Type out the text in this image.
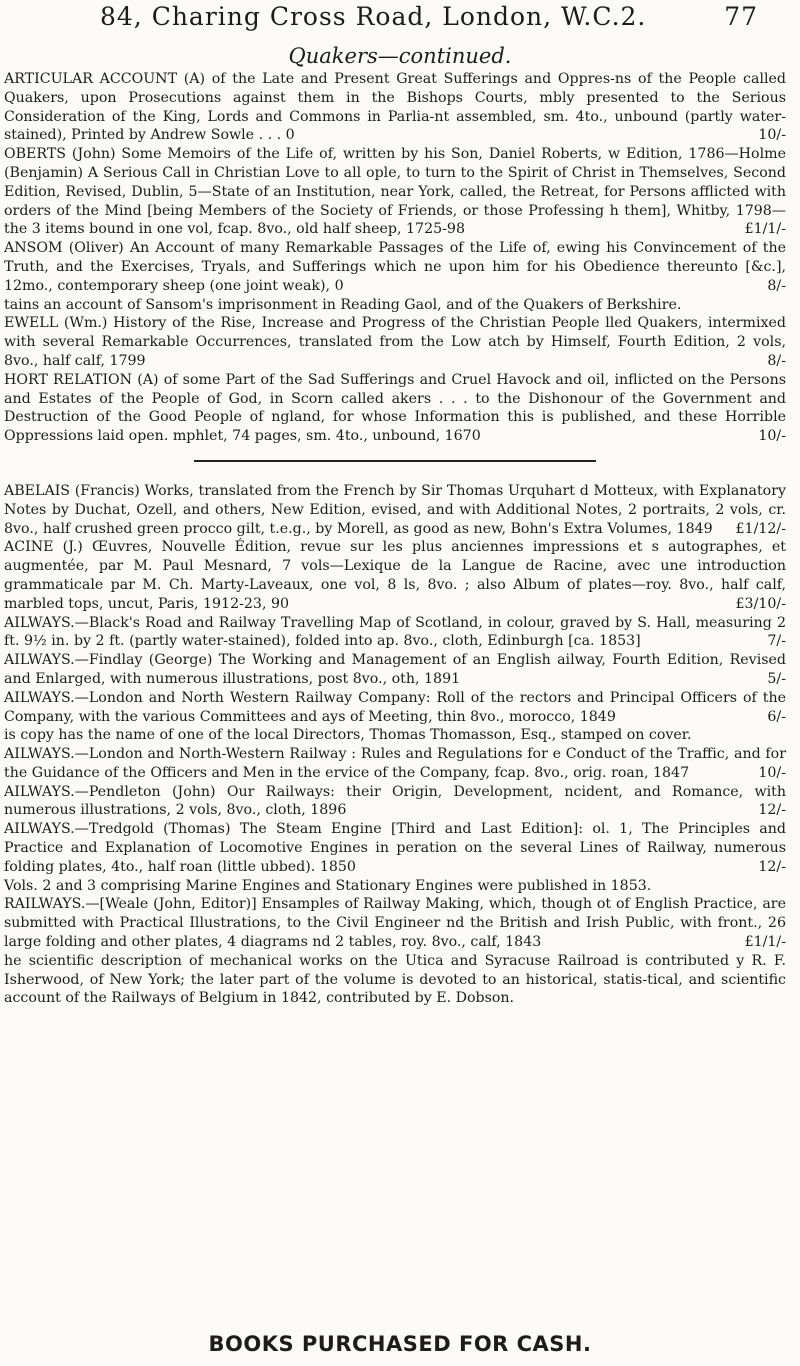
84, Charing Cross Road, London, W.C.2.	77
Quakers—continued.
ARTICULAR ACCOUNT (A) of the Late and Present Great Sufferings and Oppres-ns of the People called Quakers, upon Prosecutions against them in the Bishops Courts, mbly presented to the Serious Consideration of the King, Lords and Commons in Parlia-nt assembled, sm. 4to., unbound (partly water-stained), Printed by Andrew Sowle . . . 0	10/-
OBERTS (John) Some Memoirs of the Life of, written by his Son, Daniel Roberts, w Edition, 1786—Holme (Benjamin) A Serious Call in Christian Love to all ople, to turn to the Spirit of Christ in Themselves, Second Edition, Revised, Dublin, 5—State of an Institution, near York, called, the Retreat, for Persons afflicted with orders of the Mind [being Members of the Society of Friends, or those Professing h them], Whitby, 1798—the 3 items bound in one vol, fcap. 8vo., old half sheep, 1725-98	£1/1/-
ANSOM (Oliver) An Account of many Remarkable Passages of the Life of, ewing his Convincement of the Truth, and the Exercises, Tryals, and Sufferings which ne upon him for his Obedience thereunto [&c.], 12mo., contemporary sheep (one joint weak), 0	8/-
tains an account of Sansom's imprisonment in Reading Gaol, and of the Quakers of Berkshire.
EWELL (Wm.) History of the Rise, Increase and Progress of the Christian People lled Quakers, intermixed with several Remarkable Occurrences, translated from the Low atch by Himself, Fourth Edition, 2 vols, 8vo., half calf, 1799	8/-
HORT RELATION (A) of some Part of the Sad Sufferings and Cruel Havock and oil, inflicted on the Persons and Estates of the People of God, in Scorn called akers . . . to the Dishonour of the Government and Destruction of the Good People of ngland, for whose Information this is published, and these Horrible Oppressions laid open. mphlet, 74 pages, sm. 4to., unbound, 1670	10/-
ABELAIS (Francis) Works, translated from the French by Sir Thomas Urquhart d Motteux, with Explanatory Notes by Duchat, Ozell, and others, New Edition, evised, and with Additional Notes, 2 portraits, 2 vols, cr. 8vo., half crushed green procco gilt, t.e.g., by Morell, as good as new, Bohn's Extra Volumes, 1849 £1/12/-
ACINE (J.) Œuvres, Nouvelle Édition, revue sur les plus anciennes impressions et s autographes, et augmentée, par M. Paul Mesnard, 7 vols—Lexique de la Langue de Racine, avec une introduction grammaticale par M. Ch. Marty-Laveaux, one vol, 8 ls, 8vo. ; also Album of plates—roy. 8vo., half calf, marbled tops, uncut, Paris, 1912-23, 90	£3/10/-
AILWAYS.—Black's Road and Railway Travelling Map of Scotland, in colour, graved by S. Hall, measuring 2 ft. 9½ in. by 2 ft. (partly water-stained), folded into ap. 8vo., cloth, Edinburgh [ca. 1853]	7/-
AILWAYS.—Findlay (George) The Working and Management of an English ailway, Fourth Edition, Revised and Enlarged, with numerous illustrations, post 8vo., oth, 1891	5/-
AILWAYS.—London and North Western Railway Company: Roll of the rectors and Principal Officers of the Company, with the various Committees and ays of Meeting, thin 8vo., morocco, 1849	6/-
is copy has the name of one of the local Directors, Thomas Thomasson, Esq., stamped on cover.
AILWAYS.—London and North-Western Railway : Rules and Regulations for e Conduct of the Traffic, and for the Guidance of the Officers and Men in the ervice of the Company, fcap. 8vo., orig. roan, 1847	10/-
AILWAYS.—Pendleton (John) Our Railways: their Origin, Development, ncident, and Romance, with numerous illustrations, 2 vols, 8vo., cloth, 1896	12/-
AILWAYS.—Tredgold (Thomas) The Steam Engine [Third and Last Edition]: ol. 1, The Principles and Practice and Explanation of Locomotive Engines in peration on the several Lines of Railway, numerous folding plates, 4to., half roan (little ubbed). 1850	12/-
Vols. 2 and 3 comprising Marine Engines and Stationary Engines were published in 1853.
RAILWAYS.—[Weale (John, Editor)] Ensamples of Railway Making, which, though ot of English Practice, are submitted with Practical Illustrations, to the Civil Engineer nd the British and Irish Public, with front., 26 large folding and other plates, 4 diagrams nd 2 tables, roy. 8vo., calf, 1843	£1/1/-
he scientific description of mechanical works on the Utica and Syracuse Railroad is contributed y R. F. Isherwood, of New York; the later part of the volume is devoted to an historical, statis-tical, and scientific account of the Railways of Belgium in 1842, contributed by E. Dobson.
BOOKS PURCHASED FOR CASH.
